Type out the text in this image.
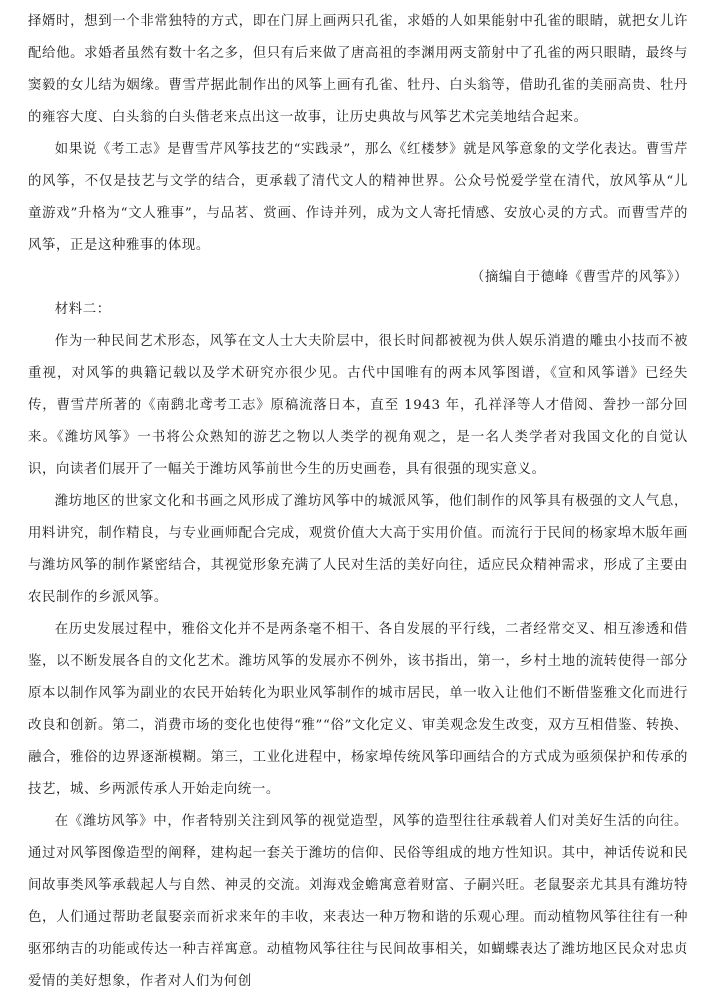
择婿时，想到一个非常独特的方式，即在门屏上画两只孔雀，求婚的人如果能射中孔雀的眼睛，就把女儿许配给他。求婚者虽然有数十名之多，但只有后来做了唐高祖的李渊用两支箭射中了孔雀的两只眼睛，最终与窦毅的女儿结为姻缘。曹雪芹据此制作出的风筝上画有孔雀、牡丹、白头翁等，借助孔雀的美丽高贵、牡丹的雍容大度、白头翁的白头偕老来点出这一故事，让历史典故与风筝艺术完美地结合起来。

如果说《考工志》是曹雪芹风筝技艺的“实践录”，那么《红楼梦》就是风筝意象的文学化表达。曹雪芹的风筝，不仅是技艺与文学的结合，更承载了清代文人的精神世界。公众号悦爱学堂在清代，放风筝从“儿童游戏”升格为“文人雅事”，与品茗、赏画、作诗并列，成为文人寄托情感、安放心灵的方式。而曹雪芹的风筝，正是这种雅事的体现。

（摘编自于德峰《曹雪芹的风筝》）

材料二：

作为一种民间艺术形态，风筝在文人士大夫阶层中，很长时间都被视为供人娱乐消遣的雕虫小技而不被重视，对风筝的典籍记载以及学术研究亦很少见。古代中国唯有的两本风筝图谱，《宣和风筝谱》已经失传，曹雪芹所著的《南鹞北鸢考工志》原稿流落日本，直至 1943 年，孔祥泽等人才借阅、誊抄一部分回来。《潍坊风筝》一书将公众熟知的游艺之物以人类学的视角观之，是一名人类学者对我国文化的自觉认识，向读者们展开了一幅关于潍坊风筝前世今生的历史画卷，具有很强的现实意义。

潍坊地区的世家文化和书画之风形成了潍坊风筝中的城派风筝，他们制作的风筝具有极强的文人气息，用料讲究，制作精良，与专业画师配合完成，观赏价值大大高于实用价值。而流行于民间的杨家埠木版年画与潍坊风筝的制作紧密结合，其视觉形象充满了人民对生活的美好向往，适应民众精神需求，形成了主要由农民制作的乡派风筝。

在历史发展过程中，雅俗文化并不是两条毫不相干、各自发展的平行线，二者经常交叉、相互渗透和借鉴，以不断发展各自的文化艺术。潍坊风筝的发展亦不例外，该书指出，第一，乡村土地的流转使得一部分原本以制作风筝为副业的农民开始转化为职业风筝制作的城市居民，单一收入让他们不断借鉴雅文化而进行改良和创新。第二，消费市场的变化也使得“雅”“俗”文化定义、审美观念发生改变，双方互相借鉴、转换、融合，雅俗的边界逐渐模糊。第三，工业化进程中，杨家埠传统风筝印画结合的方式成为亟须保护和传承的技艺，城、乡两派传承人开始走向统一。

在《潍坊风筝》中，作者特别关注到风筝的视觉造型，风筝的造型往往承载着人们对美好生活的向往。通过对风筝图像造型的阐释，建构起一套关于潍坊的信仰、民俗等组成的地方性知识。其中，神话传说和民间故事类风筝承载起人与自然、神灵的交流。刘海戏金蟾寓意着财富、子嗣兴旺。老鼠娶亲尤其具有潍坊特色，人们通过帮助老鼠娶亲而祈求来年的丰收，来表达一种万物和谐的乐观心理。而动植物风筝往往有一种驱邪纳吉的功能或传达一种吉祥寓意。动植物风筝往往与民间故事相关，如蝴蝶表达了潍坊地区民众对忠贞爱情的美好想象，作者对人们为何创
